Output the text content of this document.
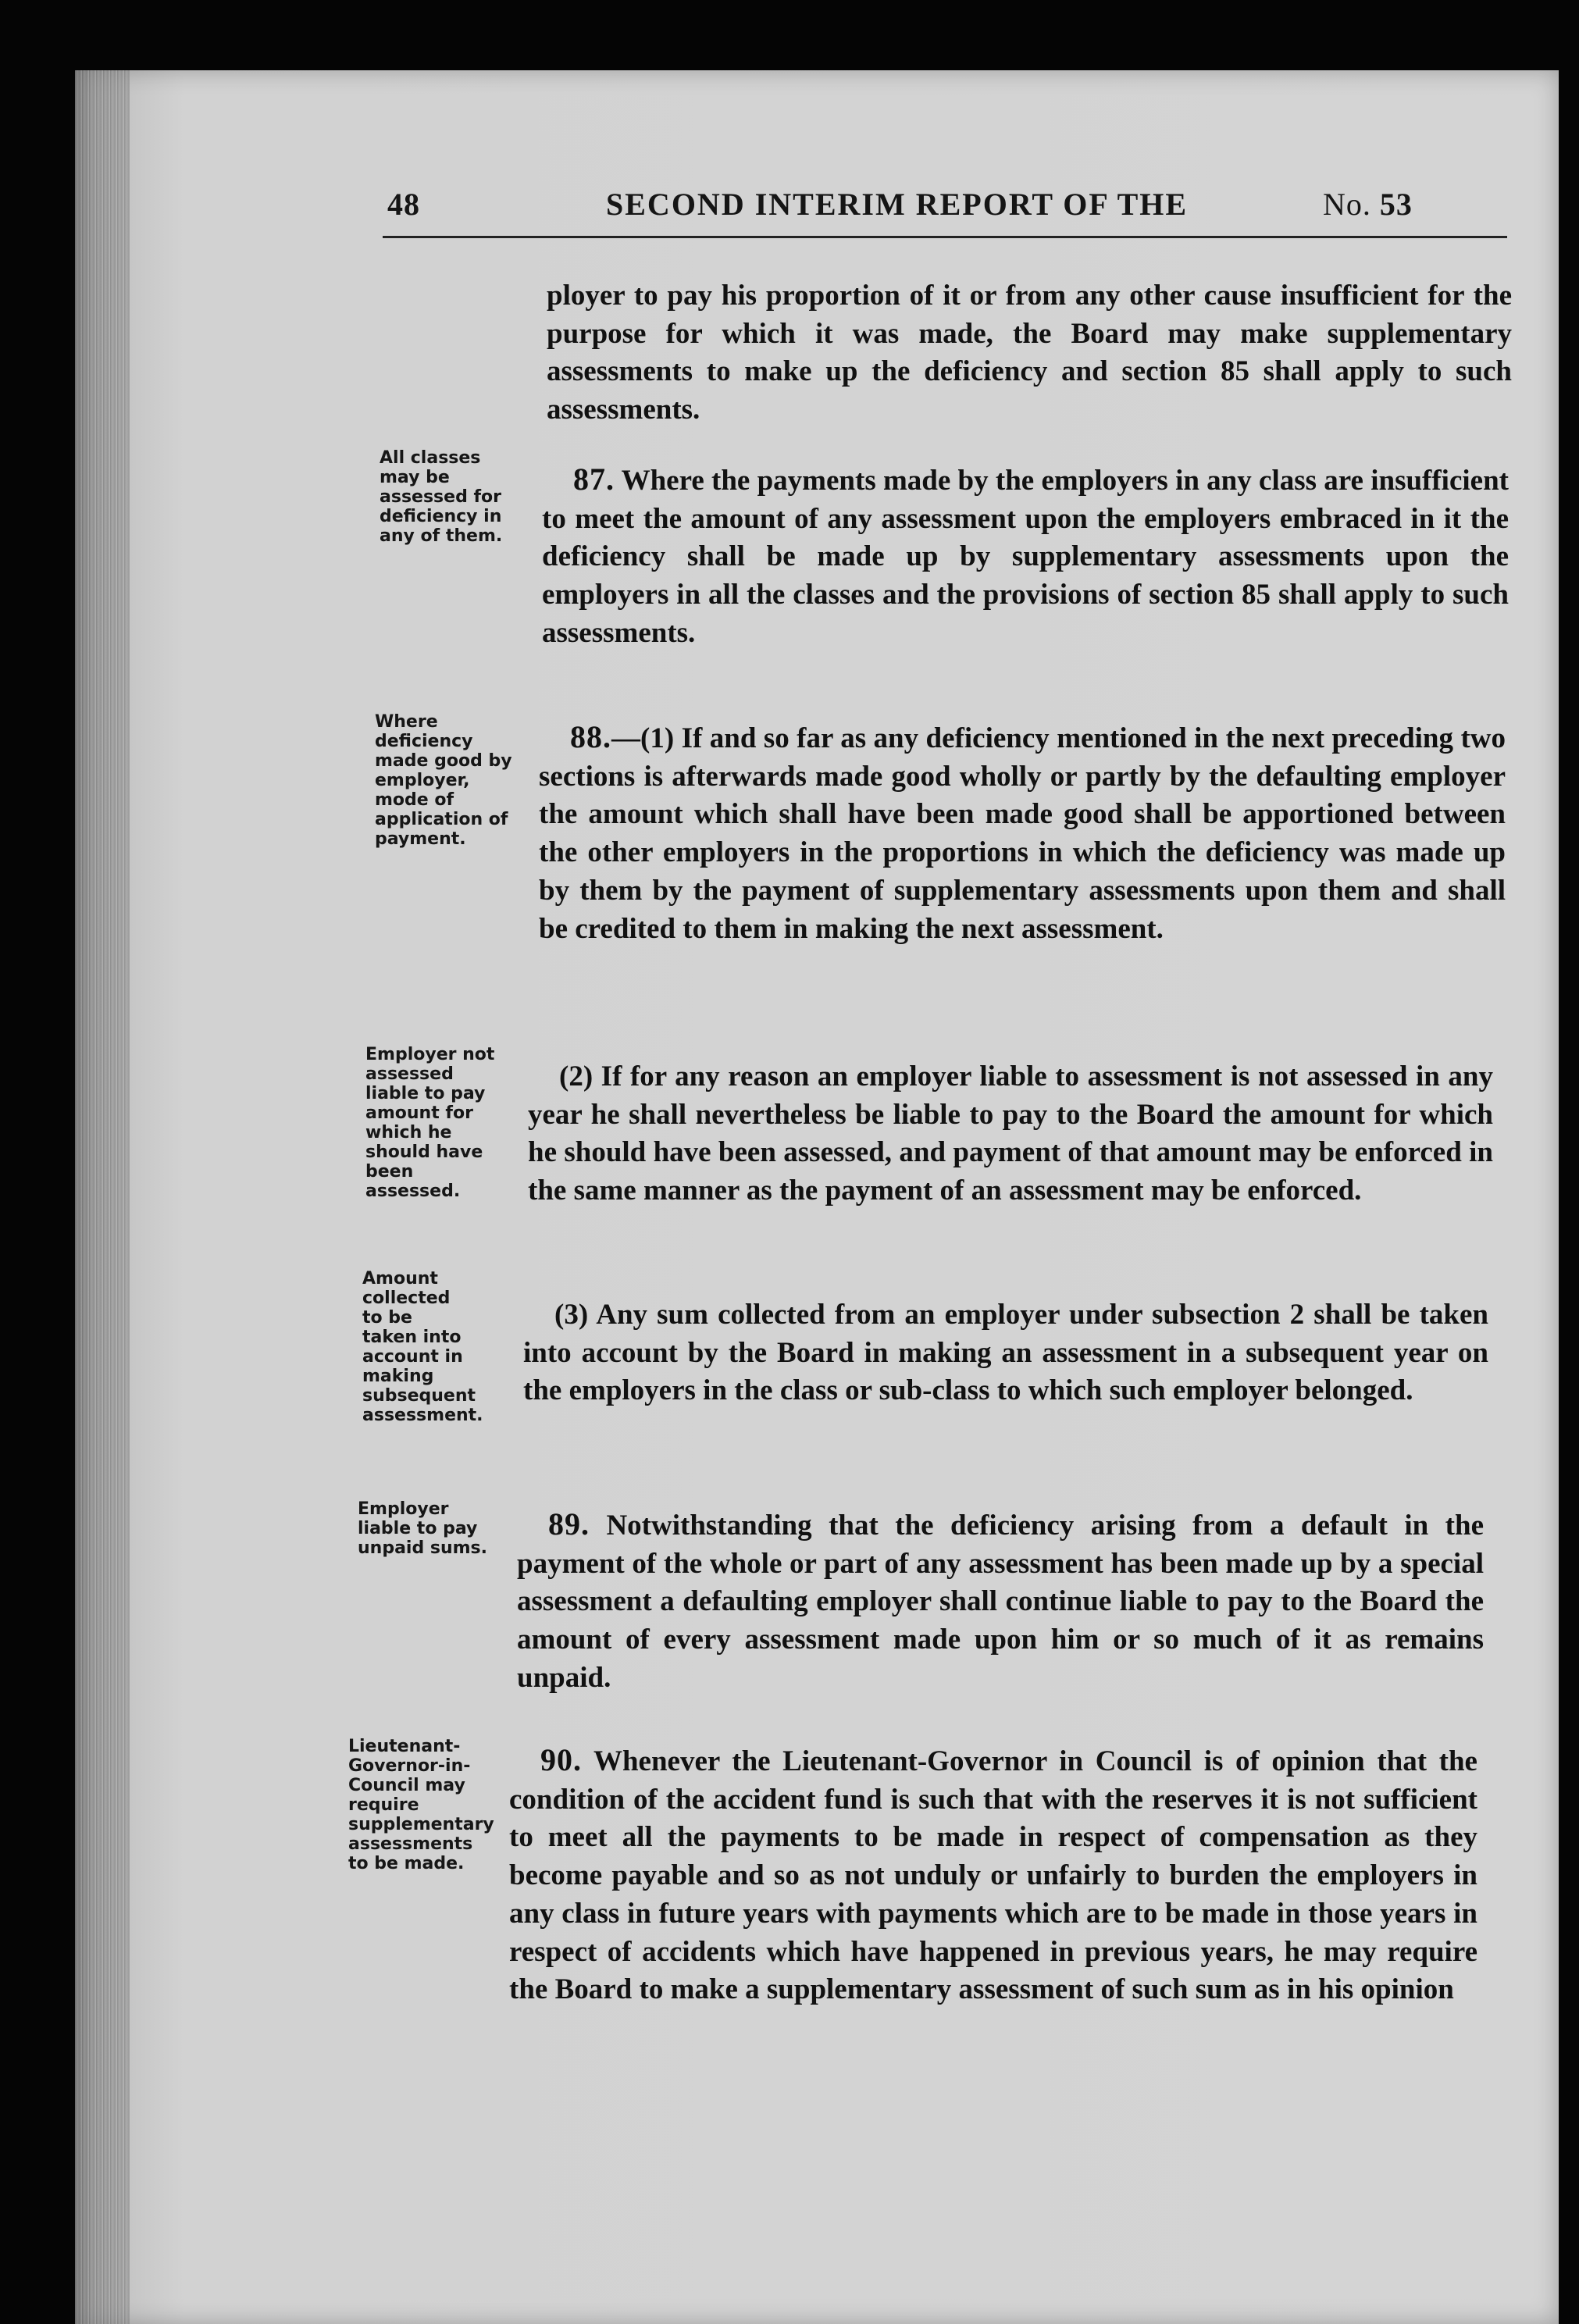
48	SECOND INTERIM REPORT OF THE	No. 53
All classes may be assessed for deficiency in any of them.
Where deficiency made good by employer, mode of application of payment.
Employer not assessed liable to pay amount for which he should have been assessed.
Amount collected to be taken into account in making subsequent assessment.
Employer liable to pay unpaid sums.
Lieutenant-Governor-in-Council may require supplementary assessments to be made.
ployer to pay his proportion of it or from any other cause insufficient for the purpose for which it was made, the Board may make supplementary assessments to make up the deficiency and section 85 shall apply to such assessments.
87. Where the payments made by the employers in any class are insufficient to meet the amount of any assessment upon the employers embraced in it the deficiency shall be made up by supplementary assessments upon the employers in all the classes and the provisions of section 85 shall apply to such assessments.
88.—(1) If and so far as any deficiency mentioned in the next preceding two sections is afterwards made good wholly or partly by the defaulting employer the amount which shall have been made good shall be apportioned between the other employers in the proportions in which the deficiency was made up by them by the payment of supplementary assessments upon them and shall be credited to them in making the next assessment.
(2) If for any reason an employer liable to assessment is not assessed in any year he shall nevertheless be liable to pay to the Board the amount for which he should have been assessed, and payment of that amount may be enforced in the same manner as the payment of an assessment may be enforced.
(3) Any sum collected from an employer under subsection 2 shall be taken into account by the Board in making an assessment in a subsequent year on the employers in the class or sub-class to which such employer belonged.
89. Notwithstanding that the deficiency arising from a default in the payment of the whole or part of any assessment has been made up by a special assessment a defaulting employer shall continue liable to pay to the Board the amount of every assessment made upon him or so much of it as remains unpaid.
90. Whenever the Lieutenant-Governor in Council is of opinion that the condition of the accident fund is such that with the reserves it is not sufficient to meet all the payments to be made in respect of compensation as they become payable and so as not unduly or unfairly to burden the employers in any class in future years with payments which are to be made in those years in respect of accidents which have happened in previous years, he may require the Board to make a supplementary assessment of such sum as in his opinion
